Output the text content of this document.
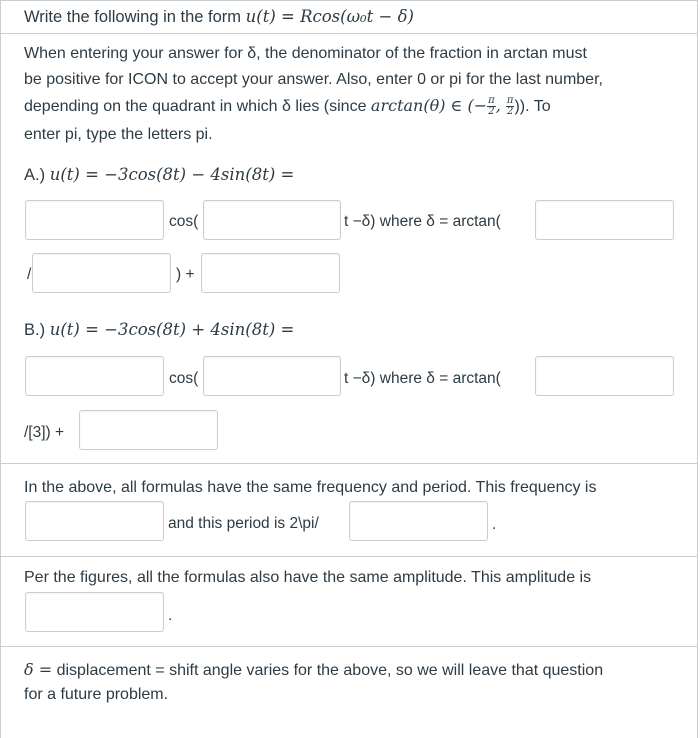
Write the following in the form u(t) = Rcos(ω₀t − δ)
When entering your answer for δ, the denominator of the fraction in arctan must
be positive for ICON to accept your answer. Also, enter 0 or pi for the last number,
depending on the quadrant in which δ lies (since arctan(θ) ∈ (− $\frac{\pi}{2}$ , $\frac{\pi}{2}$ )). To
enter pi, type the letters pi.
A.) u(t) = −3cos(8t) − 4sin(8t) =
cos(	t −δ) where δ = arctan(
/	) +
B.) u(t) = −3cos(8t) + 4sin(8t) =
cos(	t −δ) where δ = arctan(
/[3]) +
In the above, all formulas have the same frequency and period. This frequency is
and this period is 2\pi/	.
Per the figures, all the formulas also have the same amplitude. This amplitude is
.
δ = displacement = shift angle varies for the above, so we will leave that question
for a future problem.
